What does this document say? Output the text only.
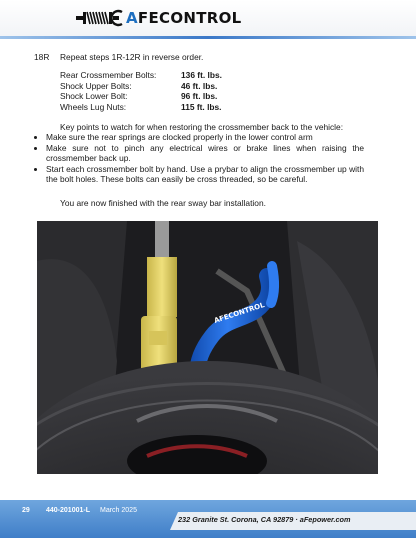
AFECONTROL
18R	Repeat steps 1R-12R in reverse order.
Rear Crossmember Bolts:	136 ft. lbs.
Shock Upper Bolts:	46 ft. lbs.
Shock Lower Bolt:	96 ft. lbs.
Wheels Lug Nuts:	115 ft. lbs.
Key points to watch for when restoring the crossmember back to the vehicle:
• Make sure the rear springs are clocked properly in the lower control arm
• Make sure not to pinch any electrical wires or brake lines when raising the crossmember back up.
• Start each crossmember bolt by hand. Use a prybar to align the crossmember up with the bolt holes. These bolts can easily be cross threaded, so be careful.
You are now finished with the rear sway bar installation.
AFECONTROL
29 440-201001-L March 2025
232 Granite St. Corona, CA 92879 · aFepower.com
